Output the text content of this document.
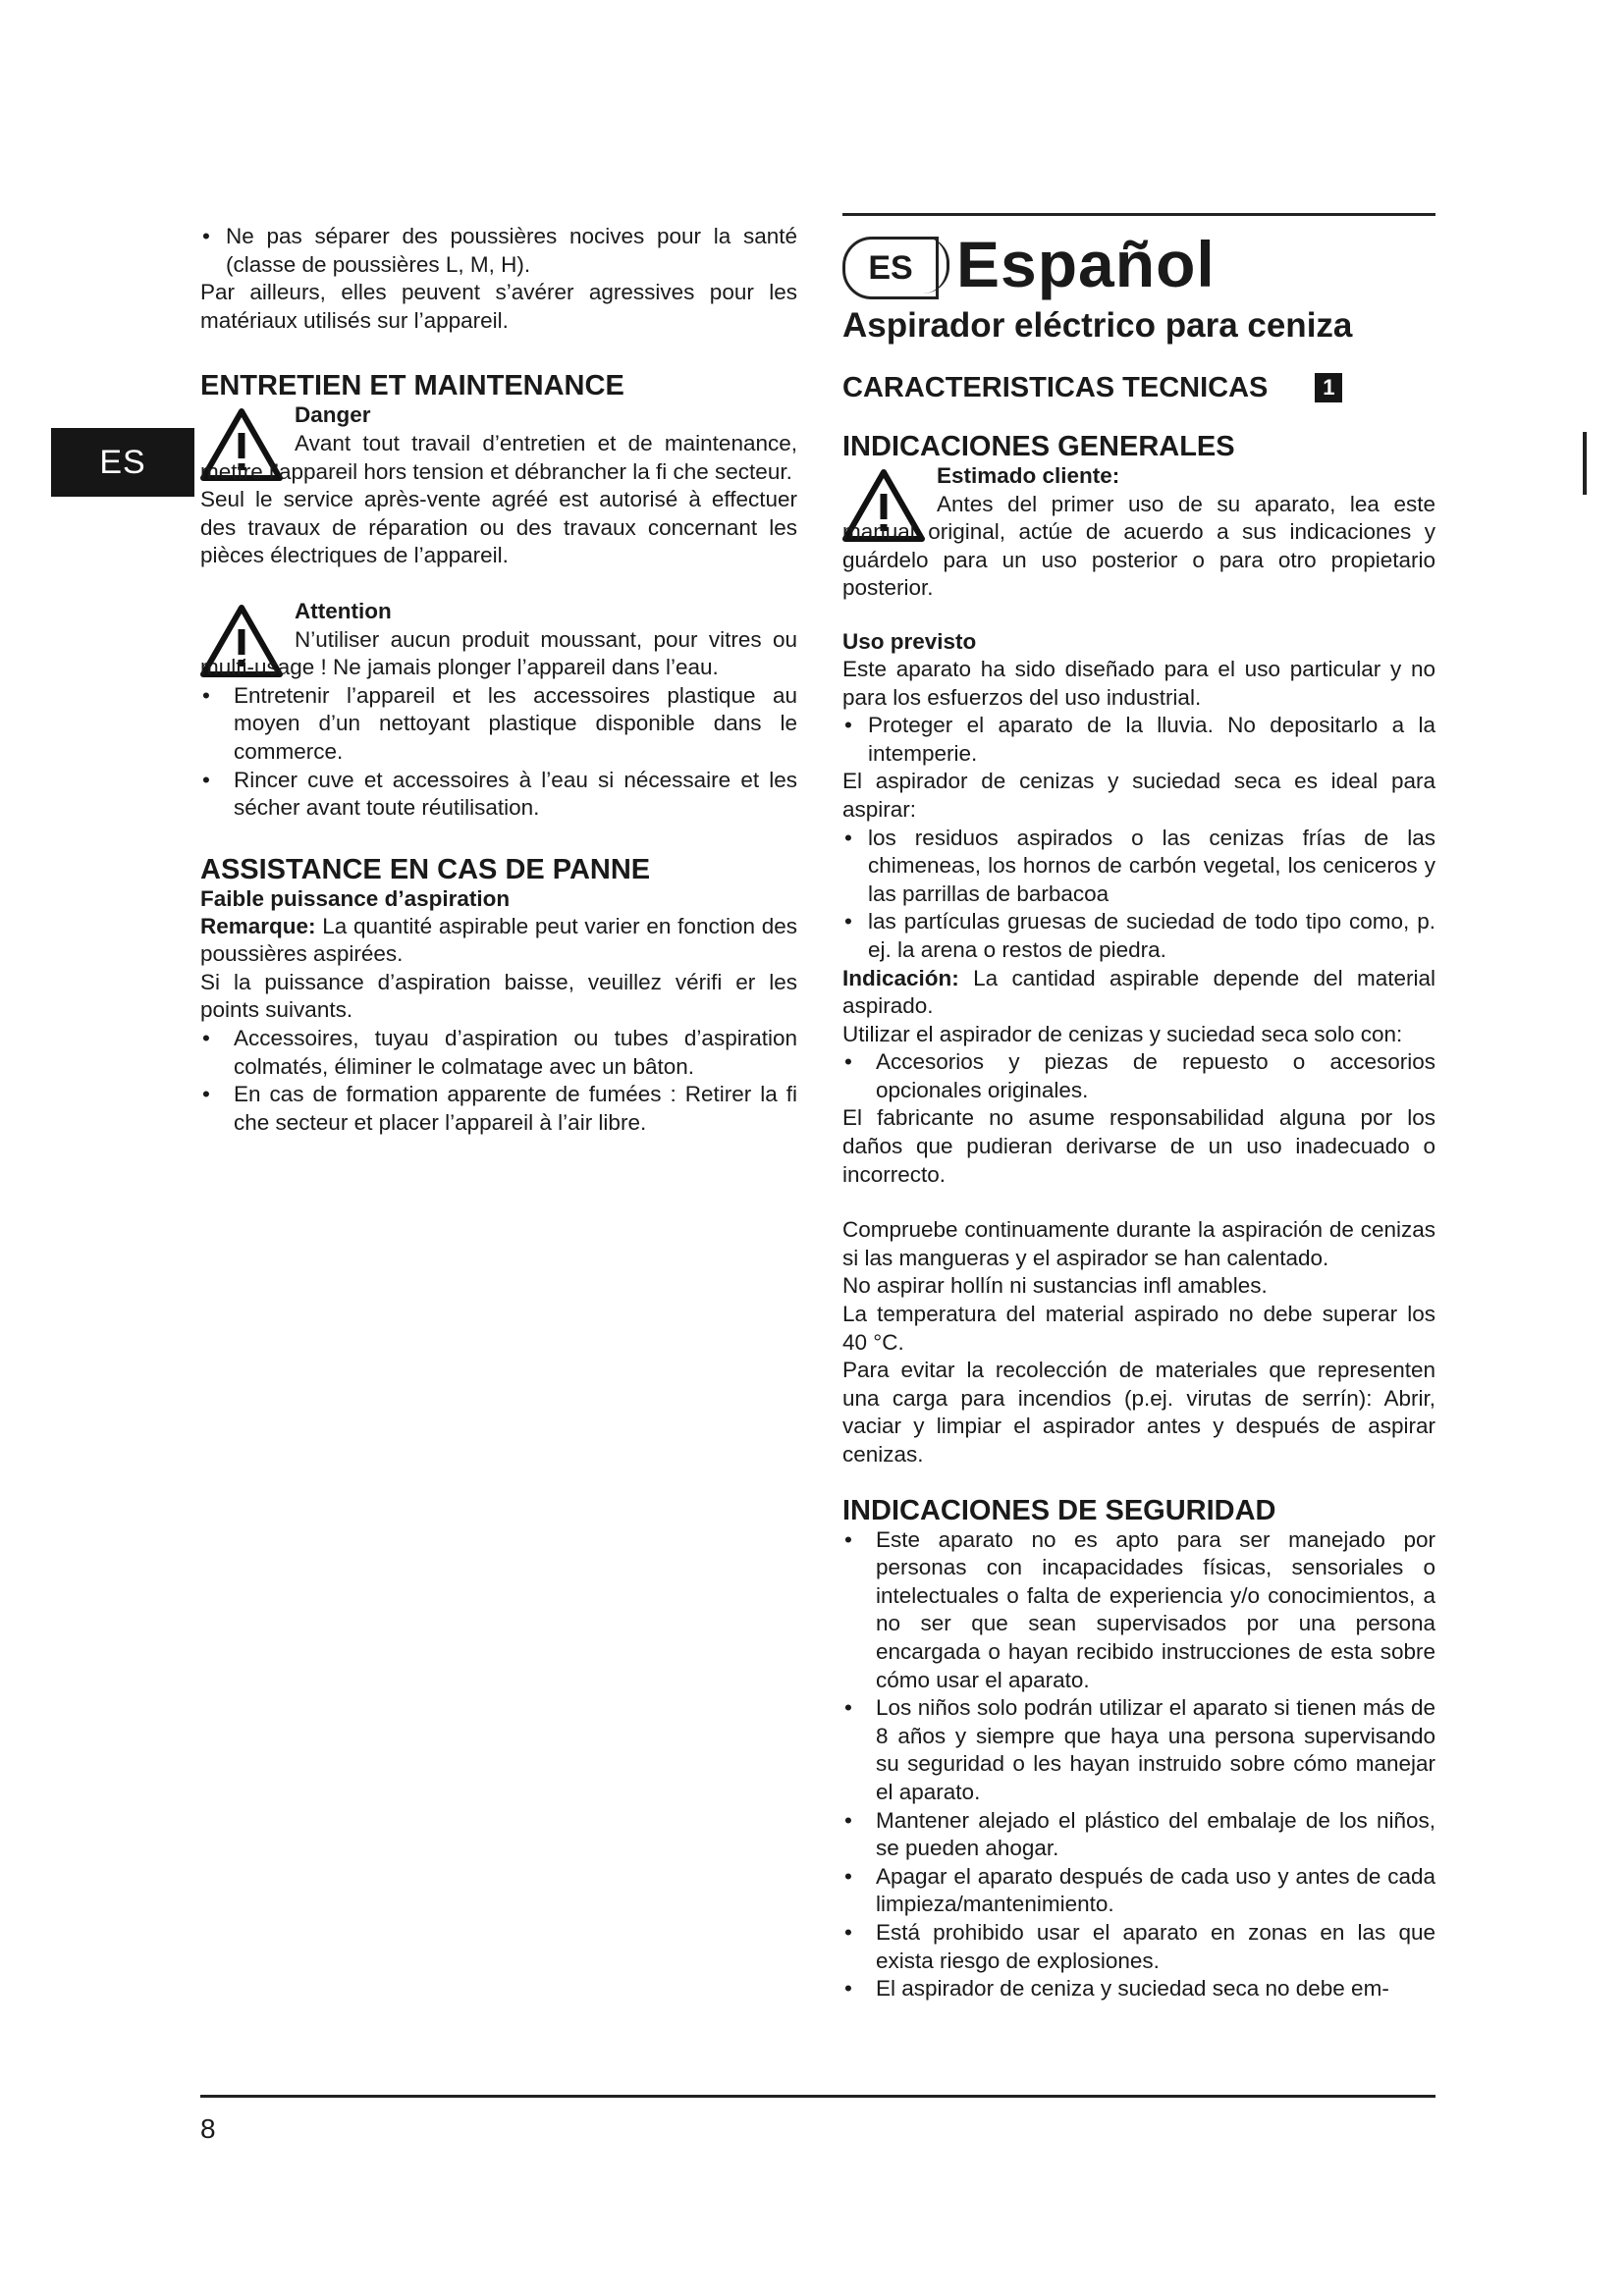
ES
• Ne pas séparer des poussières nocives pour la santé (classe de poussières L, M, H).

Par ailleurs, elles peuvent s’avérer agressives pour les matériaux utilisés sur l’appareil.

ENTRETIEN ET MAINTENANCE
Danger
Avant tout travail d’entretien et de maintenance, mettre l’appareil hors tension et débrancher la fi che secteur.

Seul le service après-vente agréé est autorisé à effectuer des travaux de réparation ou des travaux concernant les pièces électriques de l’appareil.

Attention
N’utiliser aucun produit moussant, pour vitres ou multi-usage ! Ne jamais plonger l’appareil dans l’eau.
• Entretenir l’appareil et les accessoires plastique au moyen d’un nettoyant plastique disponible dans le commerce.
• Rincer cuve et accessoires à l’eau si nécessaire et les sécher avant toute réutilisation.
ASSISTANCE EN CAS DE PANNE
Faible puissance d’aspiration

Remarque: La quantité aspirable peut varier en fonction des poussières aspirées.

Si la puissance d’aspiration baisse, veuillez vérifi er les points suivants.

• Accessoires, tuyau d’aspiration ou tubes d’aspiration colmatés, éliminer le colmatage avec un bâton.
• En cas de formation apparente de fumées : Retirer la fi che secteur et placer l’appareil à l’air libre.
ES Español
Aspirador eléctrico para ceniza
CARACTERISTICAS TECNICAS	1
INDICACIONES GENERALES
Estimado cliente:
Antes del primer uso de su aparato, lea este manual original, actúe de acuerdo a sus indicaciones y guárdelo para un uso posterior o para otro propietario posterior.
Uso previsto

Este aparato ha sido diseñado para el uso particular y no para los esfuerzos del uso industrial.

• Proteger el aparato de la lluvia. No depositarlo a la intemperie.

El aspirador de cenizas y suciedad seca es ideal para aspirar:

• los residuos aspirados o las cenizas frías de las chimeneas, los hornos de carbón vegetal, los ceniceros y las parrillas de barbacoa
• las partículas gruesas de suciedad de todo tipo como, p. ej. la arena o restos de piedra.

Indicación: La cantidad aspirable depende del material aspirado.

Utilizar el aspirador de cenizas y suciedad seca solo con:

• Accesorios y piezas de repuesto o accesorios opcionales originales.

El fabricante no asume responsabilidad alguna por los daños que pudieran derivarse de un uso inadecuado o incorrecto.

Compruebe continuamente durante la aspiración de cenizas si las mangueras y el aspirador se han calentado.

No aspirar hollín ni sustancias infl amables.

La temperatura del material aspirado no debe superar los 40 °C.

Para evitar la recolección de materiales que representen una carga para incendios (p.ej. virutas de serrín): Abrir, vaciar y limpiar el aspirador antes y después de aspirar cenizas.

INDICACIONES DE SEGURIDAD
• Este aparato no es apto para ser manejado por personas con incapacidades físicas, sensoriales o intelectuales o falta de experiencia y/o conocimientos, a no ser que sean supervisados por una persona encargada o hayan recibido instrucciones de esta sobre cómo usar el aparato.
• Los niños solo podrán utilizar el aparato si tienen más de 8 años y siempre que haya una persona supervisando su seguridad o les hayan instruido sobre cómo manejar el aparato.
• Mantener alejado el plástico del embalaje de los niños, se pueden ahogar.
• Apagar el aparato después de cada uso y antes de cada limpieza/mantenimiento.
• Está prohibido usar el aparato en zonas en las que exista riesgo de explosiones.
• El aspirador de ceniza y suciedad seca no debe em-
8
